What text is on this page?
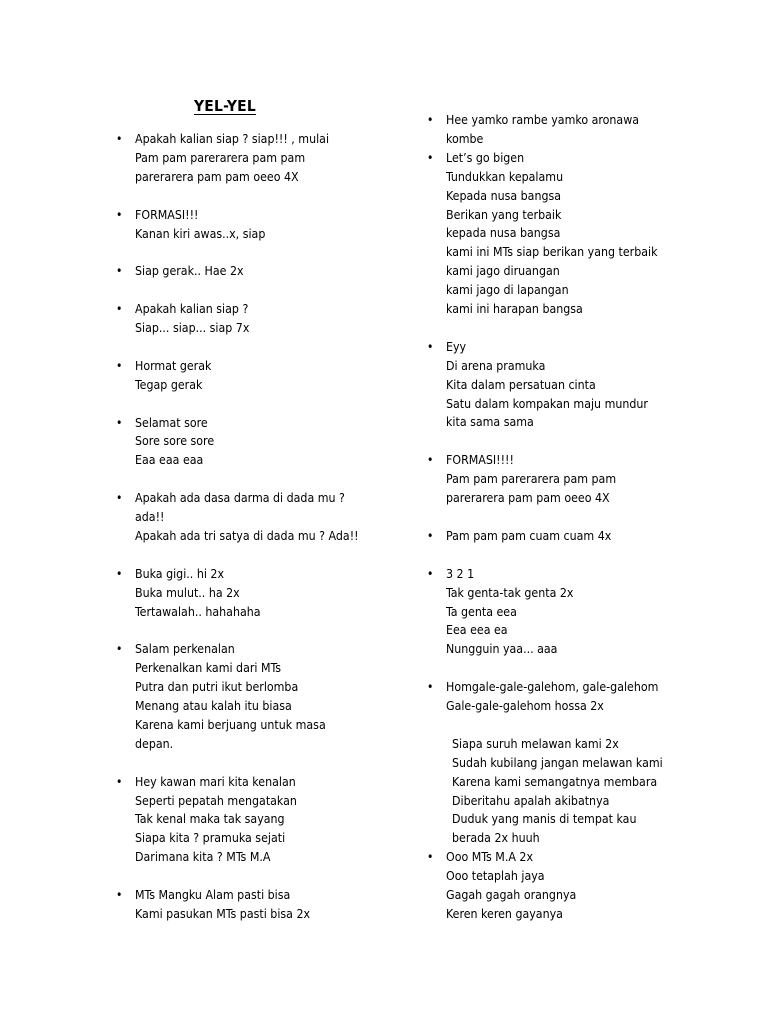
YEL-YEL
• Apakah kalian siap ? siap!!! , mulai
Pam pam parerarera pam pam
parerarera pam pam oeeo 4X
• FORMASI!!!
Kanan kiri awas..x, siap
• Siap gerak.. Hae 2x
• Apakah kalian siap ?
Siap... siap... siap 7x
• Hormat gerak
Tegap gerak
• Selamat sore
Sore sore sore
Eaa eaa eaa
• Apakah ada dasa darma di dada mu ?
ada!!
Apakah ada tri satya di dada mu ? Ada!!
• Buka gigi.. hi 2x
Buka mulut.. ha 2x
Tertawalah.. hahahaha
• Salam perkenalan
Perkenalkan kami dari MTs
Putra dan putri ikut berlomba
Menang atau kalah itu biasa
Karena kami berjuang untuk masa
depan.
• Hey kawan mari kita kenalan
Seperti pepatah mengatakan
Tak kenal maka tak sayang
Siapa kita ? pramuka sejati
Darimana kita ? MTs M.A
• MTs Mangku Alam pasti bisa
Kami pasukan MTs pasti bisa 2x
• Hee yamko rambe yamko aronawa
kombe
• Let’s go bigen
Tundukkan kepalamu
Kepada nusa bangsa
Berikan yang terbaik
kepada nusa bangsa
kami ini MTs siap berikan yang terbaik
kami jago diruangan
kami jago di lapangan
kami ini harapan bangsa
• Eyy
Di arena pramuka
Kita dalam persatuan cinta
Satu dalam kompakan maju mundur
kita sama sama
• FORMASI!!!!
Pam pam parerarera pam pam
parerarera pam pam oeeo 4X
• Pam pam pam cuam cuam 4x
• 3 2 1
Tak genta-tak genta 2x
Ta genta eea
Eea eea ea
Nungguin yaa... aaa
• Homgale-gale-galehom, gale-galehom
Gale-gale-galehom hossa 2x
Siapa suruh melawan kami 2x
Sudah kubilang jangan melawan kami
Karena kami semangatnya membara
Diberitahu apalah akibatnya
Duduk yang manis di tempat kau
berada 2x huuh
• Ooo MTs M.A 2x
Ooo tetaplah jaya
Gagah gagah orangnya
Keren keren gayanya
